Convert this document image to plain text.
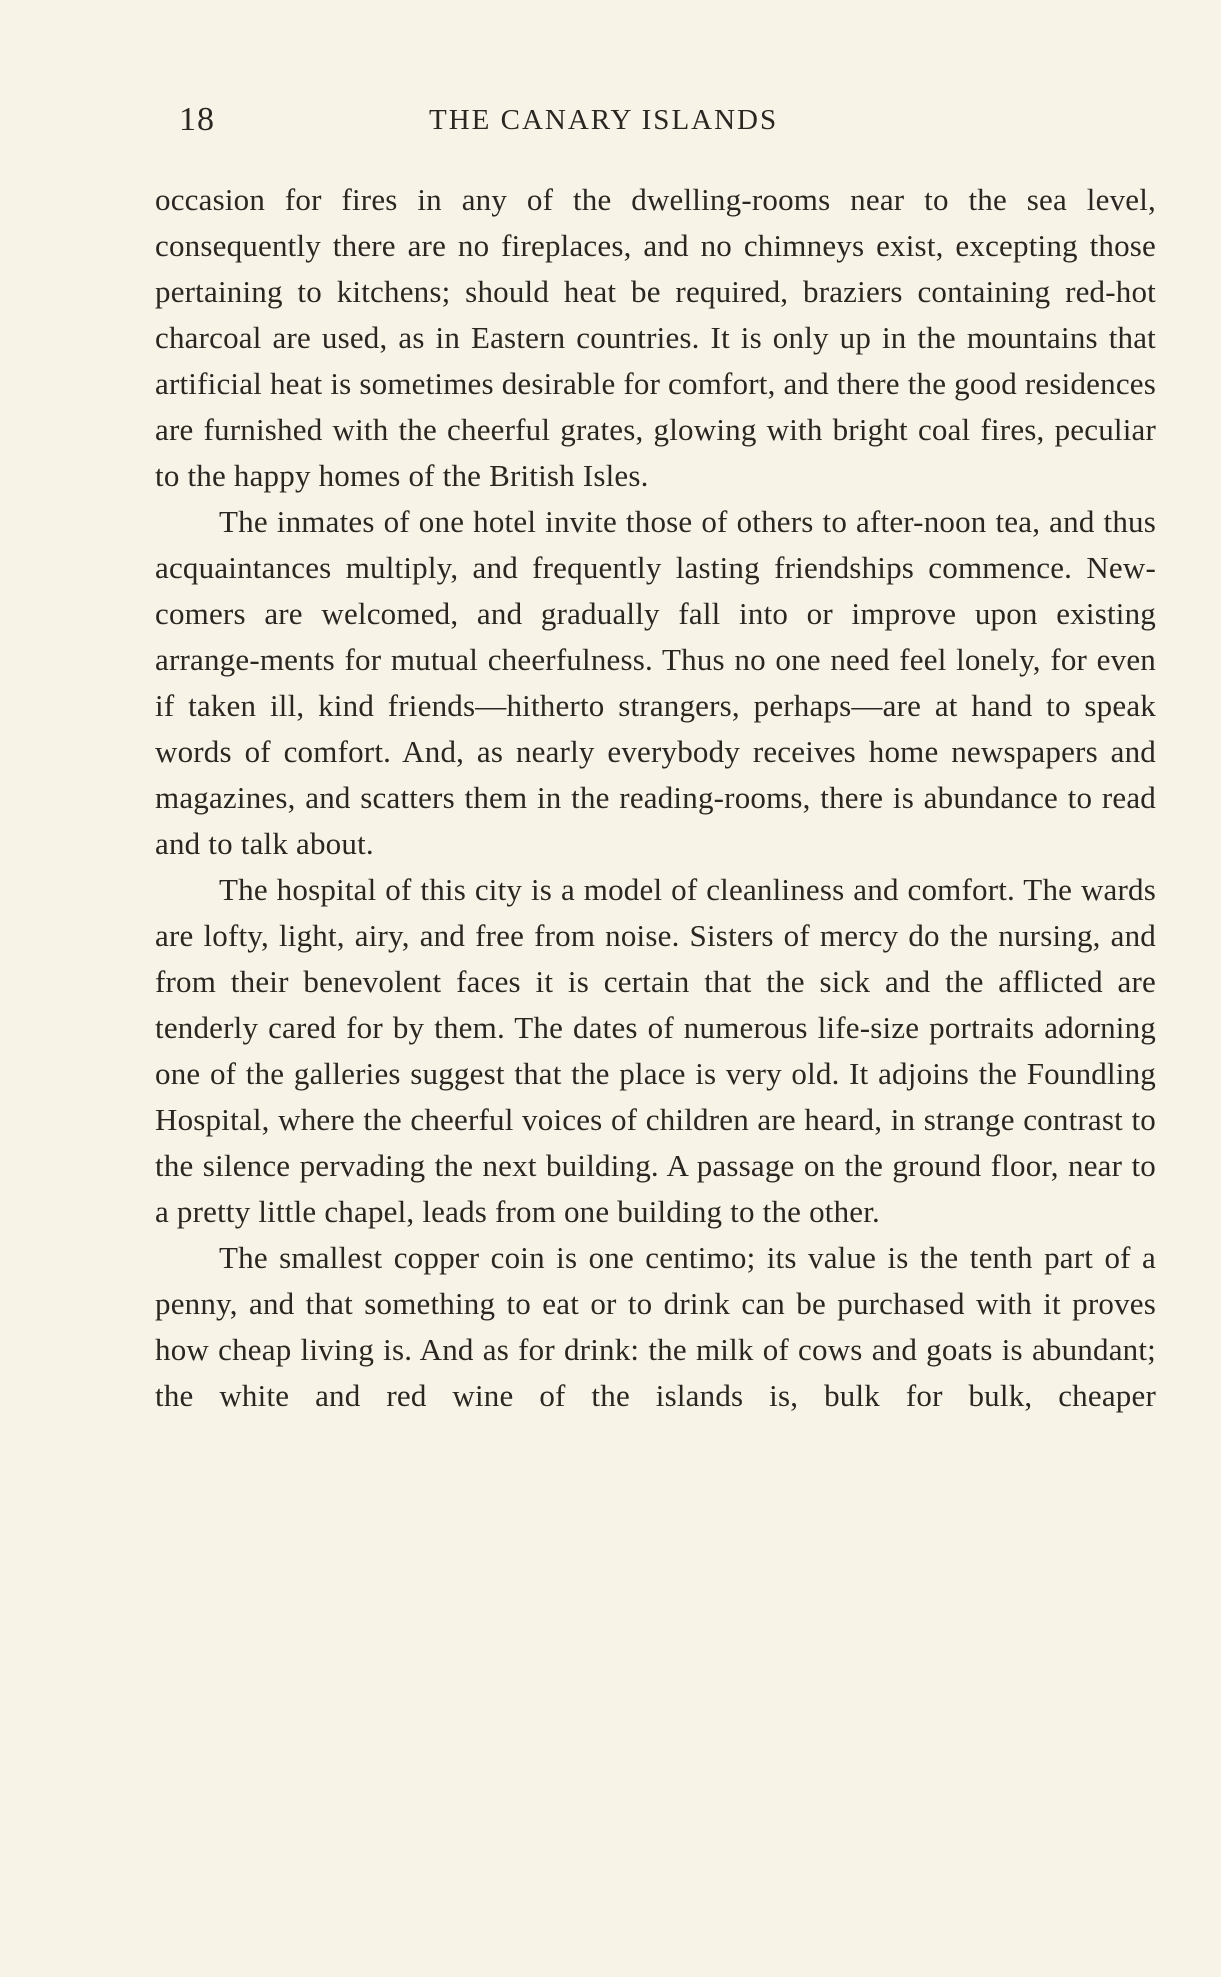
18	THE CANARY ISLANDS

occasion for fires in any of the dwelling-rooms near to the sea level, consequently there are no fireplaces, and no chimneys exist, excepting those pertaining to kitchens; should heat be required, braziers containing red-hot charcoal are used, as in Eastern countries. It is only up in the mountains that artificial heat is sometimes desirable for comfort, and there the good residences are furnished with the cheerful grates, glowing with bright coal fires, peculiar to the happy homes of the British Isles.

The inmates of one hotel invite those of others to after-noon tea, and thus acquaintances multiply, and frequently lasting friendships commence. New-comers are welcomed, and gradually fall into or improve upon existing arrange-ments for mutual cheerfulness. Thus no one need feel lonely, for even if taken ill, kind friends—hitherto strangers, perhaps—are at hand to speak words of comfort. And, as nearly everybody receives home newspapers and magazines, and scatters them in the reading-rooms, there is abundance to read and to talk about.

The hospital of this city is a model of cleanliness and comfort. The wards are lofty, light, airy, and free from noise. Sisters of mercy do the nursing, and from their benevolent faces it is certain that the sick and the afflicted are tenderly cared for by them. The dates of numerous life-size portraits adorning one of the galleries suggest that the place is very old. It adjoins the Foundling Hospital, where the cheerful voices of children are heard, in strange contrast to the silence pervading the next building. A passage on the ground floor, near to a pretty little chapel, leads from one building to the other.

The smallest copper coin is one centimo; its value is the tenth part of a penny, and that something to eat or to drink can be purchased with it proves how cheap living is. And as for drink: the milk of cows and goats is abundant; the white and red wine of the islands is, bulk for bulk, cheaper
